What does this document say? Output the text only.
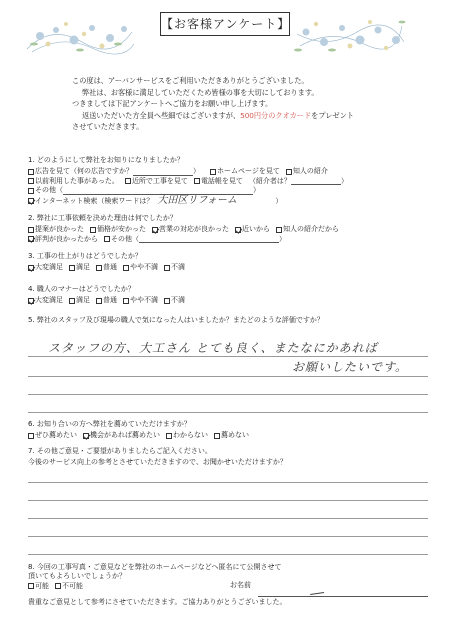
【お客様アンケート】

この度は、アーバンサービスをご利用いただきありがとうございました。

弊社は、お客様に満足していただくため皆様の事を大切にしております。

つきましては下記アンケートへご協力をお願い申し上げます。

返送いただいた方全員へ些細ではございますが、500円分のクオカードをプレゼント

させていただきます。

1. どのようにして弊社をお知りになりましたか？
広告を見て（何の広告ですか？	） ホームページを見て 知人の紹介
以前利用した事があった。 近所で工事を見て 電話帳を見て （紹介者は？	）
その他（	）
インターネット検索（検索ワードは？ 大田区リフォーム	）
2. 弊社に工事依頼を決めた理由は何でしたか？
提案が良かった 価格が安かった 営業の対応が良かった 近いから 知人の紹介だから
評判が良かったから その他（	）
3. 工事の仕上がりはどうでしたか？
大変満足 満足 普通 やや不満 不満
4. 職人のマナーはどうでしたか？
大変満足 満足 普通 やや不満 不満
5. 弊社のスタッフ及び現場の職人で気になった人はいましたか？またどのような評価ですか？
スタッフの方、大工さん とても良く、またなにかあれば
お願いしたいです。
6. お知り合いの方へ弊社を薦めていただけますか？
ぜひ薦めたい 機会があれば薦めたい わからない 薦めない
7. その他ご意見・ご要望がありましたらご記入ください。
今後のサービス向上の参考とさせていただきますので、お聞かせいただけますか？
8. 今回の工事写真・ご意見などを弊社のホームページなどへ匿名にて公開させて
頂いてもよろしいでしょうか？
可能 不可能	お名前
貴重なご意見として参考にさせていただきます。ご協力ありがとうございました。
